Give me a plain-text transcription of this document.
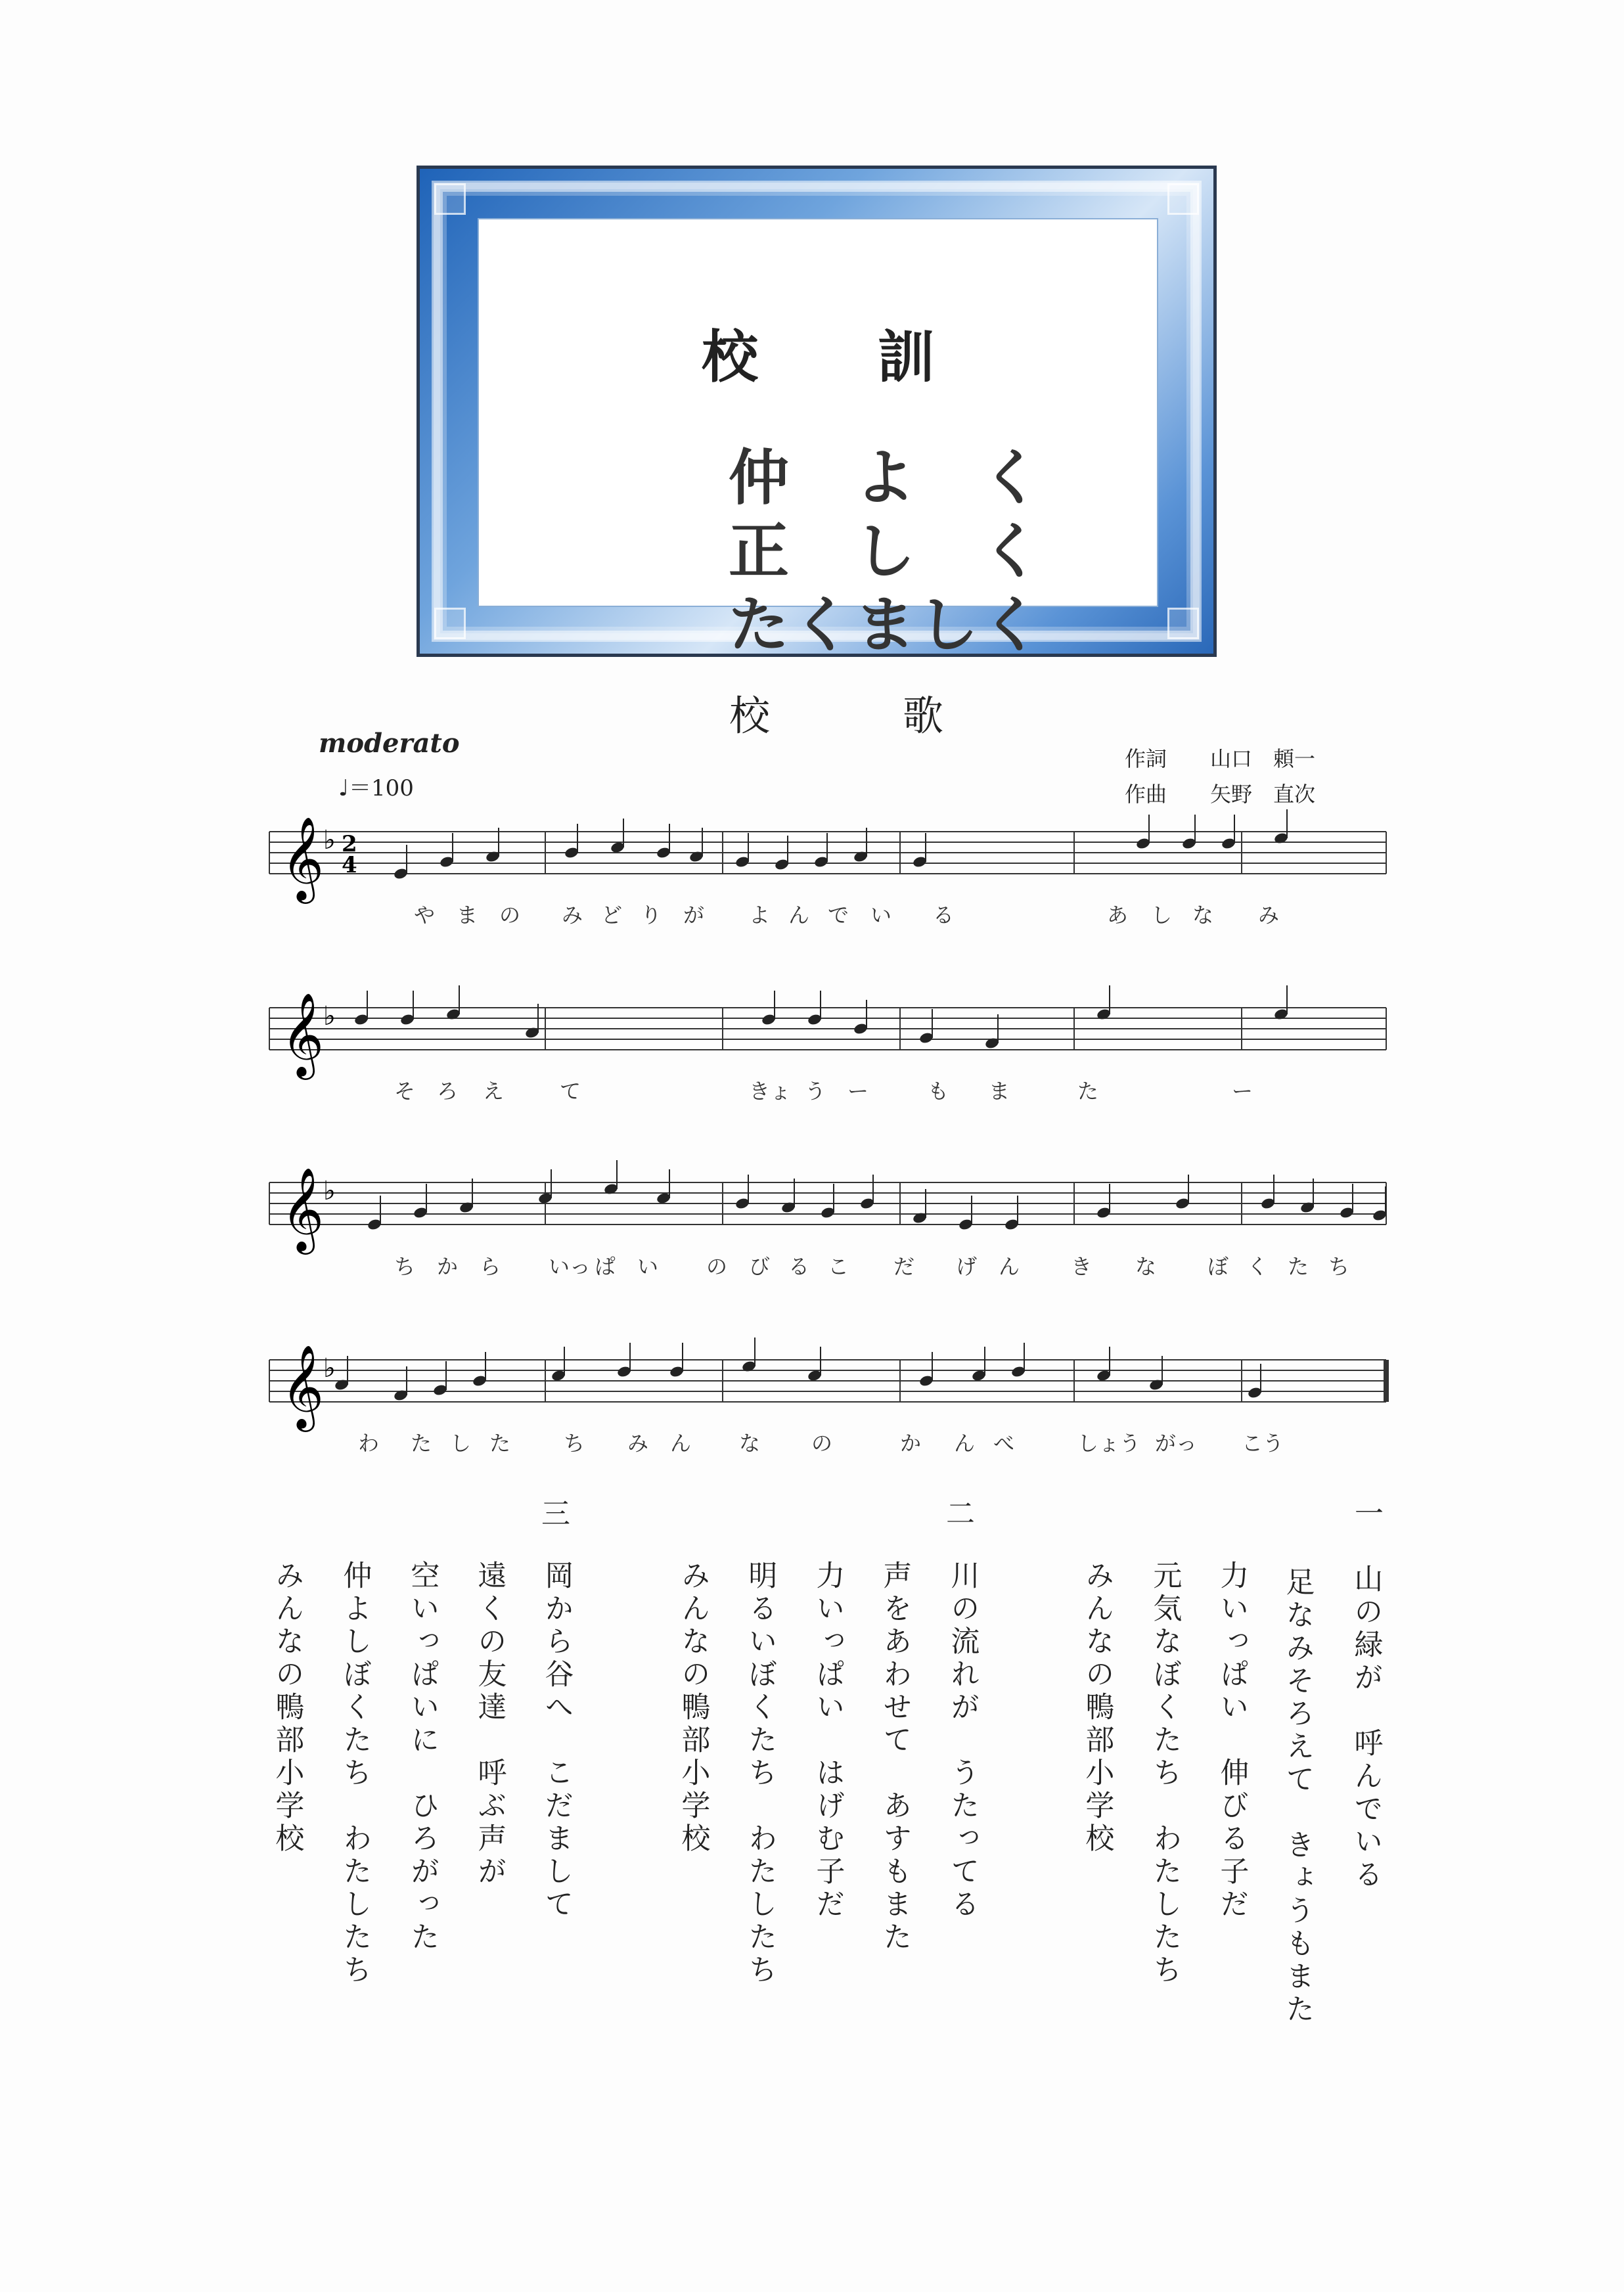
校　訓
仲　よ　く
正　し　く
たくましく
校　歌
moderato
♩＝100
作詞 山口　頼一
作曲 矢野　直次
𝄞
♭ 2
4
𝄞
♭
𝄞
♭
𝄞
♭
や ま の み ど り が よ ん で い る	あ し な み
そ ろ え	て	きょ う ー	も ま	た	ー
ち か ら いっ ぱ い の び る こ だ げ ん き な ぼ く た ち
わ た し た	ち み ん な の	か ん べ	しょう がっ こう
一
二
三
山の緑が　呼んでいる
足なみそろえて　きょうもまた
力いっぱい　伸びる子だ
元気なぼくたち　わたしたち
みんなの鴨部小学校
川の流れが　うたってる
声をあわせて　あすもまた
力いっぱい　はげむ子だ
明るいぼくたち　わたしたち
みんなの鴨部小学校
岡から谷へ　こだまして
遠くの友達　呼ぶ声が
空いっぱいに　ひろがった
仲よしぼくたち　わたしたち
みんなの鴨部小学校
